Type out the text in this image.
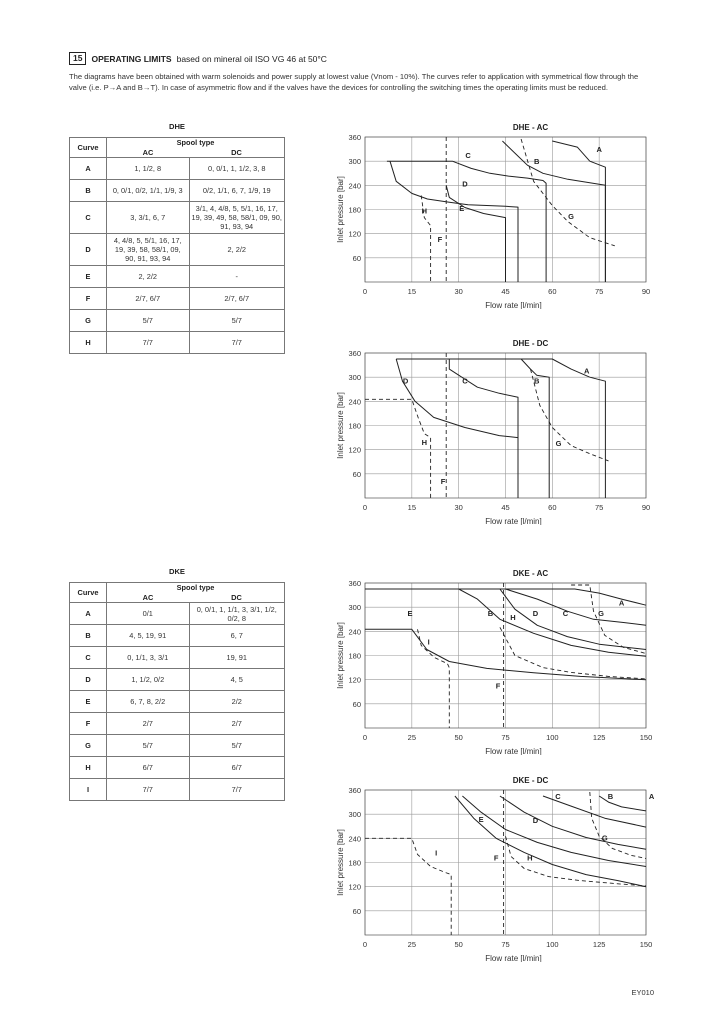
15	OPERATING LIMITS based on mineral oil ISO VG 46 at 50°C
The diagrams have been obtained with warm solenoids and power supply at lowest value (Vnom - 10%). The curves refer to application with symmetrical flow through the valve (i.e. P→A and B→T). In case of asymmetric flow and if the valves have the devices for controlling the switching times the operating limits must be reduced.
DHE
Curve	Spool type	
	AC	DC
A	1, 1/2, 8	0, 0/1, 1, 1/2, 3, 8
B	0, 0/1, 0/2, 1/1, 1/9, 3	0/2, 1/1, 6, 7, 1/9, 19
C	3, 3/1, 6, 7	3/1, 4, 4/8, 5, 5/1, 16, 17, 19, 39, 49, 58, 58/1, 09, 90, 91, 93, 94
D	4, 4/8, 5, 5/1, 16, 17, 19, 39, 58, 58/1, 09, 90, 91, 93, 94	2, 2/2
E	2, 2/2	-
F	2/7, 6/7	2/7, 6/7
G	5/7	5/7
H	7/7	7/7
DKE
Curve	Spool type	
	AC	DC
A	0/1	0, 0/1, 1, 1/1, 3, 3/1, 1/2, 0/2, 8
B	4, 5, 19, 91	6, 7
C	0, 1/1, 3, 3/1	19, 91
D	1, 1/2, 0/2	4, 5
E	6, 7, 8, 2/2	2/2
F	2/7	2/7
G	5/7	5/7
H	6/7	6/7
I	7/7	7/7
DHE - AC
0	15	30	45	60	75	90
60
120
180
240
300
360
Flow rate [l/min]
Inlet pressure [bar]
A
B
C
D
E
F
G
H
DHE - DC
0	15	30	45	60	75	90
60
120
180
240
300
360
Flow rate [l/min]
Inlet pressure [bar]
A
B
C
D
F
G
H
DKE - AC
0	25	50	75	100	125	150
60
120
180
240
300
360
Flow rate [l/min]
Inlet pressure [bar]
A
B	C
D
E
F
G
H
I
DKE - DC
0	25	50	75	100	125	150
60
120
180
240
300
360
Flow rate [l/min]
Inlet pressure [bar]
A
B
C
D
E
F
G
H
I
EY010
